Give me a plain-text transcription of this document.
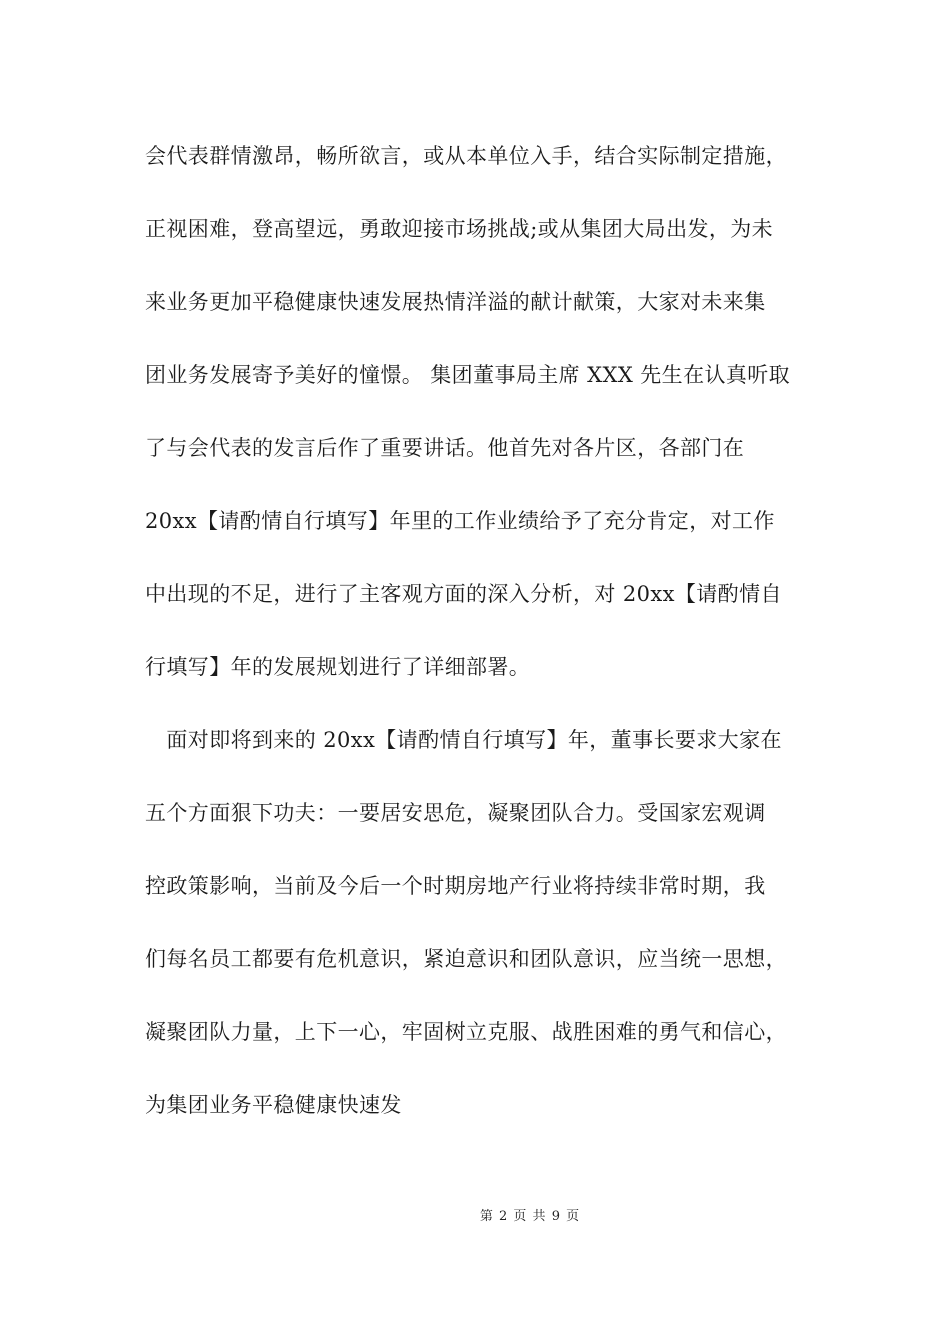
会代表群情激昂，畅所欲言，或从本单位入手，结合实际制定措施，
正视困难，登高望远，勇敢迎接市场挑战;或从集团大局出发，为未
来业务更加平稳健康快速发展热情洋溢的献计献策，大家对未来集
团业务发展寄予美好的憧憬。 集团董事局主席 XXX 先生在认真听取
了与会代表的发言后作了重要讲话。他首先对各片区，各部门在
20xx【请酌情自行填写】年里的工作业绩给予了充分肯定，对工作
中出现的不足，进行了主客观方面的深入分析，对 20xx【请酌情自
行填写】年的发展规划进行了详细部署。
　面对即将到来的 20xx【请酌情自行填写】年，董事长要求大家在
五个方面狠下功夫：一要居安思危，凝聚团队合力。受国家宏观调
控政策影响，当前及今后一个时期房地产行业将持续非常时期，我
们每名员工都要有危机意识，紧迫意识和团队意识，应当统一思想，
凝聚团队力量，上下一心，牢固树立克服、战胜困难的勇气和信心，
为集团业务平稳健康快速发
第 2 页 共 9 页
